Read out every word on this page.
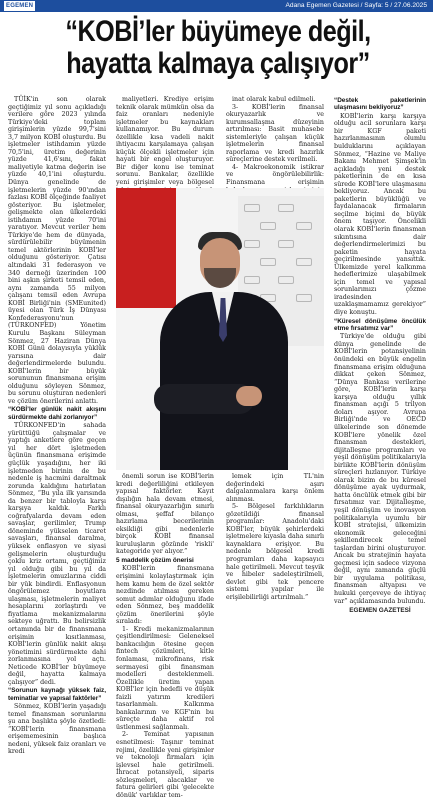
EGEMEN	Adana Egemen Gazetesi / Sayfa: 5 / 27.06.2025
“KOBİ’ler büyümeye değil, hayatta kalmaya çalışıyor”

TÜİK'in son olarak geçtiğimiz yıl sonu açıkladığı verilere göre 2023 yılında Türkiye'deki toplam girişimlerin yüzde 99,7'sini 3,7 milyon KOBİ oluşturdu. Bu işletmeler istihdamın yüzde 70,5'ini, üretim değerinin yüzde 41,6'sını, fakat maliyetiyle katma değerin ise yüzde 40,1'ini oluşturdu. Dünya genelinde de işletmelerin yüzde 90'ından fazlası KOBİ ölçeğinde faaliyet gösteriyor. Bu işletmeler, gelişmekte olan ülkelerdeki istihdamın yüzde 70'ini yaratıyor. Mevcut veriler hem Türkiye'de hem de dünyada, sürdürülebilir büyümenin temel aktörlerinin KOBİ'ler olduğunu gösteriyor. Çatısı altındaki 31 federasyon ve 340 derneği üzerinden 100 bini aşkın şirketi temsil eden, aynı zamanda 55 milyon çalışanı temsil eden Avrupa KOBİ Birliği'nin (SMEunited) üyesi olan Türk İş Dünyası Konfederasyonu'nun (TÜRKONFED) Yönetim Kurulu Başkanı Süleyman Sönmez, 27 Haziran Dünya KOBİ Günü dolayısıyla yüklük yarısına dair değerlendirmelerde bulundu. KOBİ'lerin bir büyük sorununun finansmana erişim olduğunu söyleyen Sönmez, bu sorunu oluşturan nedenleri ve çözüm önerilerini anlattı.

“KOBİ’ler günlük nakit akışını sürdürmekte dahi zorlanıyor”

TÜRKONFED'in sahada yürüttüğü çalışmalar ve yaptığı anketlere göre geçen yıl her dört işletmeden üçünün finansmana erişimde güçlük yaşadığını, her iki işletmeden birinin de bu nedenle iş hacmini daraltmak zorunda kaldığını hatırlatan Sönmez, “Bu yıla ilk yarısında da benzer bir tabloyla karşı karşıya kaldık. Farklı coğrafyalarda devam eden savaşlar, gerilimler, Trump döneminde yükselen ticaret savaşları, finansal daralma, yüksek enflasyon ve siyasi gelişmelerin oluşturduğu çoklu kriz ortamı, geçtiğimiz yıl olduğu gibi bu yıl da işletmelerin omuzlarına ciddi bir yük bindirdi. Enflasyonun öngörülemez boyutlara ulaşması, işletmelerin maliyet hesaplarını zorlaştırdı ve fiyatlama mekanizmalarını sekteye uğrattı. Bu belirsizlik ortamında bir de finansmana erişimin kısıtlanması, KOBİ'lerin günlük nakit akışı yönetimini sürdürmekte dahi zorlanmasına yol açtı. Neticede KOBİ'ler büyümeye değil, hayatta kalmaya çalışıyor” dedi.

“Sorunun kaynağı yüksek faiz, teminatlar ve yapısal faktörler”

Sönmez, KOBİ'lerin yaşadığı temel finansman sorunlarını şu ana başlıkta şöyle özetledi: “KOBİ'lerin finansmana erişememesinin başlıca nedeni, yüksek faiz oranları ve kredi

maliyetleri. Krediye erişim teknik olarak mümkün olsa da faiz oranları nedeniyle işletmeler bu kaynakları kullanamıyor. Bu durum özellikle kısa vadeli nakit ihtiyacını karşılamaya çalışan küçük ölçekli işletmeler için hayati bir engel oluşturuyor. Bir diğer konu ise teminat sorunu. Bankalar, özellikle yeni girişimler veya bölgesel

inat olarak kabul edilmeli.

3- KOBİ'lerin finansal okuryazarlık ve kurumsallaşma düzeyinin artırılması: Basit muhasebe sistemleriyle çalışan küçük işletmelerin finansal raporlama ve kredi hazırlık süreçlerine destek verilmeli.

4- Makroekonomik istikrar ve öngörülebilirlik: Finansmana erişimin

önemli sorun ise KOBİ'lerin kredi değerliliğini etkileyen yapısal faktörler. Kayıt dışılığın hala devam etmesi, finansal okuryazarlığın sınırlı olması, şeffaf bilanço hazırlama becerilerinin eksikliği gibi nedenlerle birçok KOBİ finansal kuruluşların gözünde 'riskli' kategoride yer alıyor.”

5 maddelik çözüm önerisi

KOBİ'lerin finansmana erişimini kolaylaştırmak için hem kamu hem de özel sektör nezdinde atılması gereken somut adımlar olduğunu ifade eden Sönmez, beş maddelik çözüm önerilerini şöyle sıraladı:

1- Kredi mekanizmalarının çeşitlendirilmesi: Geleneksel bankacılığın ötesine geçen fintech çözümleri, kitle fonlaması, mikrofinans, risk sermayesi gibi finansman modelleri desteklenmeli. Özellikle üretim yapan KOBİ'ler için hedefli ve düşük faizli yatırım kredileri tasarlanmalı. Kalkınma bankalarının ve KGF'nin bu süreçte daha aktif rol üstlenmesi sağlanmalı.

2- Teminat yapısının esnetilmesi: Taşınır teminat rejimi, özellikle yeni girişimler ve teknoloji firmaları için işlevsel hale getirilmeli. İhracat potansiyeli, siparis sözleşmeleri, alacaklar ve fatura gelirleri gibi 'gelecekte dönük' varlıklar tem-

lemek için TL'nin değerindeki aşırı dalgalanmalara karşı önlem alınması.

5- Bölgesel farklılıkların gözetildiği finansal programlar: Anadolu'daki KOBİ'ler, büyük şehirlerdeki işletmelere kıyasla daha sınırlı kaynaklara erişiyor. Bu nedenle bölgesel kredi programları daha kapsayıcı hale getirilmeli. Mevcut teşvik ve hibeler sadeleştirilmeli, devlet gibi tek pencere sistemi yapılar ile erişilebilirliği artırılmalı.”

“Destek paketlerinin ulaşmasını bekliyoruz”

KOBİ'lerin karşı karşıya olduğu acil sorunlara karşı bir KGF paketi hazırlanmasının olumlu bulduklarını açıklayan Sönmez, “Hazine ve Maliye Bakanı Mehmet Şimşek'in açıkladığı yeni destek paketlerinin de en kısa sürede KOBİ'lere ulaşmasını bekliyoruz. Ancak bu paketlerin büyüklüğü ve faydalanacak firmaların seçilme biçimi de büyük önem taşıyor. Öncelikli olarak KOBİ'lerin finansman sıkıntısına dair değerlendirmelerimizi bu paketin hayata geçirilmesinde yansıttık. Ülkemizde yerel kalkınma hedeflerimize ulaşabilmek için temel ve yapısal sorunlarımızı çözme iradesinden uzaklaşmamamız gerekiyor” diye konuştu.

“Küresel dönüşüme öncülük etme fırsatımız var”

Türkiye'de olduğu gibi dünya genelinde de KOBİ'lerin potansiyelinin önündeki en büyük engelin finansmana erişim olduğuna dikkat çeken Sönmez, “Dünya Bankası verilerine göre, KOBİ'lerin karşı karşıya olduğu yıllık finansman açığı 5 trilyon doları aşıyor. Avrupa Birliği'nde ve OECD ülkelerinde son dönemde KOBİ'lere yönelik özel finansman destekleri, dijitalleşme programları ve yeşil dönüşüm politikalarıyla birlikte KOBİ'lerin dönüşüm süreçleri hızlanıyor. Türkiye olarak bizim de bu küresel dönüşüme ayak uydurmak, hatta öncülük etmek gibi bir fırsatımız var. Dijitalleşme, yeşil dönüşüm ve inovasyon politikalarıyla uyumlu bir KOBİ stratejisi, ülkemizin ekonomik geleceğini şekillendirecek temel taşlardan birini oluşturuyor. Ancak bu stratejinin hayata geçmesi için sadece vizyona değil, aynı zamanda güçlü bir uygulama politikası, finansman altyapısı ve hukuki çerçeveye de ihtiyaç var” açıklamasında bulundu.

EGEMEN GAZETESİ
